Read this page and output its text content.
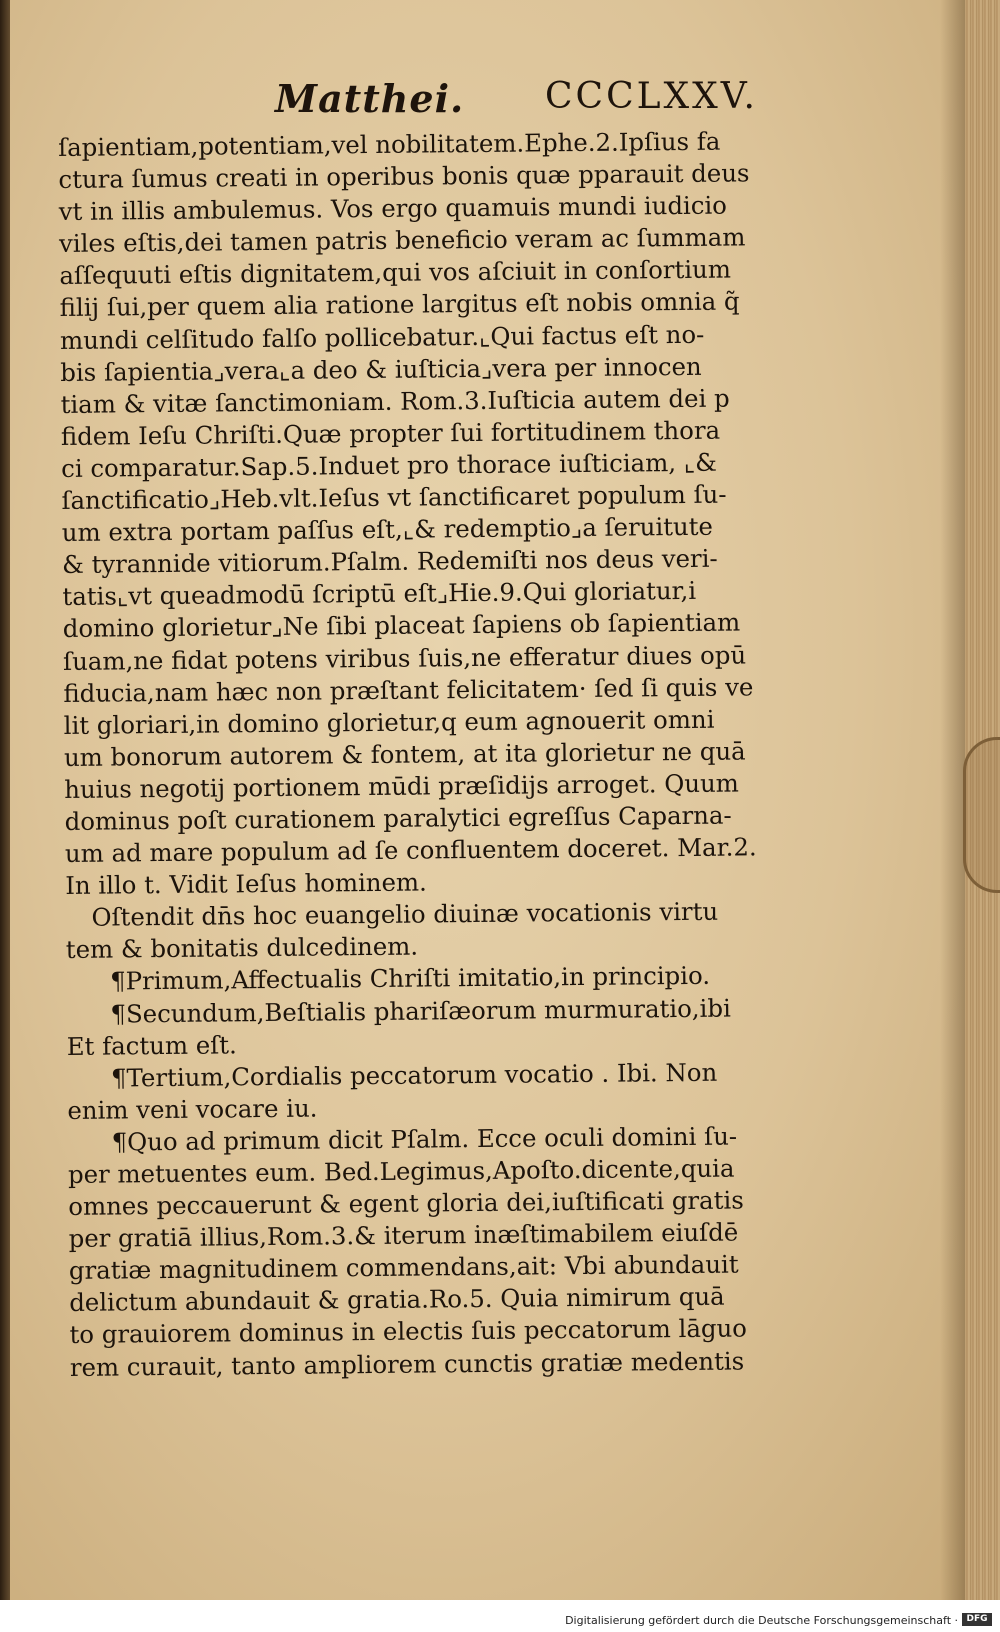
Matthei. CCCLXXV.
ſapientiam,potentiam,vel nobilitatem.Ephe.2.Ipſius fa
ctura ſumus creati in operibus bonis quæ pparauit deus
vt in illis ambulemus. Vos ergo quamuis mundi iudicio
viles eſtis,dei tamen patris beneficio veram ac ſummam
aſſequuti eſtis dignitatem,qui vos aſciuit in conſortium
filij ſui,per quem alia ratione largitus eſt nobis omnia q̃
mundi celſitudo falſo pollicebatur.⌞Qui factus eſt no-
bis ſapientia⌟vera⌞a deo & iuſticia⌟vera per innocen
tiam & vitæ ſanctimoniam. Rom.3.Iuſticia autem dei p
fidem Ieſu Chriſti.Quæ propter ſui fortitudinem thora
ci comparatur.Sap.5.Induet pro thorace iuſticiam, ⌞&
ſanctificatio⌟Heb.vlt.Ieſus vt ſanctificaret populum ſu-
um extra portam paſſus eſt,⌞& redemptio⌟a ſeruitute
& tyrannide vitiorum.Pſalm. Redemiſti nos deus veri-
tatis⌞vt queadmodū ſcriptū eſt⌟Hie.9.Qui gloriatur,i
domino glorietur⌟Ne ſibi placeat ſapiens ob ſapientiam
ſuam,ne fidat potens viribus ſuis,ne efferatur diues opū
fiducia,nam hæc non præſtant felicitatem· ſed ſi quis ve
lit gloriari,in domino glorietur,q eum agnouerit omni
um bonorum autorem & fontem, at ita glorietur ne quā
huius negotij portionem mūdi præſidijs arroget. Quum
dominus poſt curationem paralytici egreſſus Caparna-
um ad mare populum ad ſe confluentem doceret. Mar.2.
In illo t. Vidit Ieſus hominem.
Oſtendit dn̄s hoc euangelio diuinæ vocationis virtu
tem & bonitatis dulcedinem.
¶Primum,Affectualis Chriſti imitatio,in principio.
¶Secundum,Beſtialis phariſæorum murmuratio,ibi
Et factum eſt.
¶Tertium,Cordialis peccatorum vocatio . Ibi. Non
enim veni vocare iu.
¶Quo ad primum dicit Pſalm. Ecce oculi domini ſu-
per metuentes eum. Bed.Legimus,Apoſto.dicente,quia
omnes peccauerunt & egent gloria dei,iuſtificati gratis
per gratiā illius,Rom.3.& iterum inæſtimabilem eiuſdē
gratiæ magnitudinem commendans,ait: Vbi abundauit
delictum abundauit & gratia.Ro.5. Quia nimirum quā
to grauiorem dominus in electis ſuis peccatorum lāguo
rem curauit, tanto ampliorem cunctis gratiæ medentis
Digitalisierung gefördert durch die Deutsche Forschungsgemeinschaft · DFG
